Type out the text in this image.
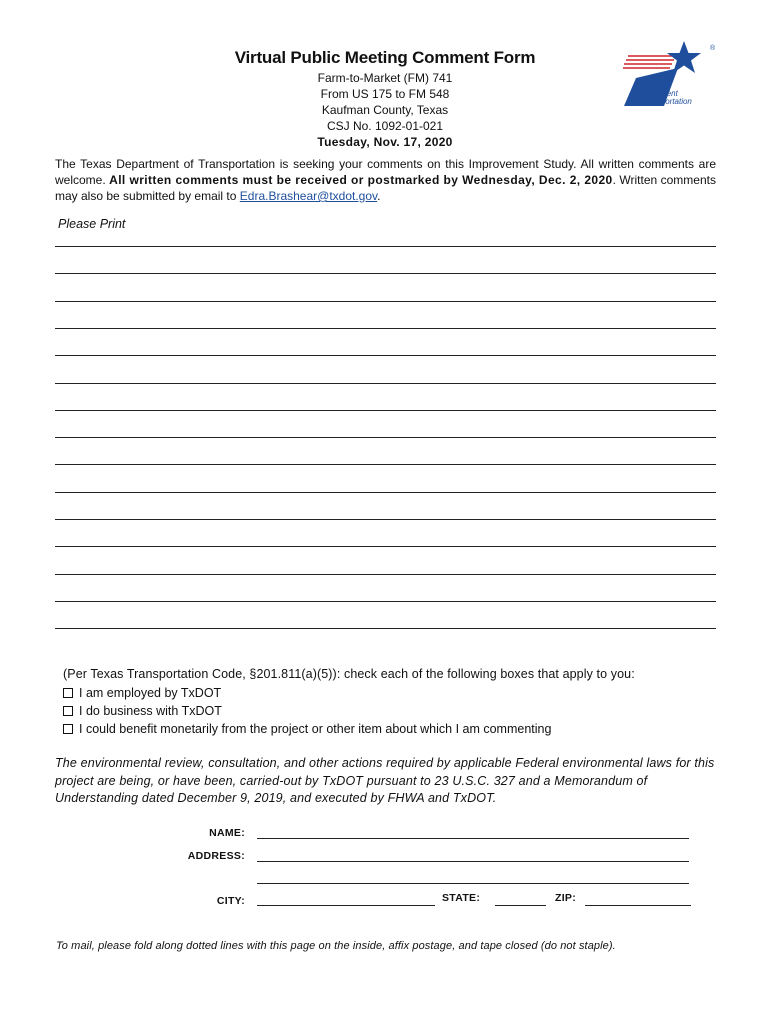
Virtual Public Meeting Comment Form
Farm-to-Market (FM) 741
From US 175 to FM 548
Kaufman County, Texas
CSJ No. 1092-01-021
Tuesday, Nov. 17, 2020
Texas
Department
of Transportation
®
The Texas Department of Transportation is seeking your comments on this Improvement Study. All written comments are welcome. All written comments must be received or postmarked by Wednesday, Dec. 2, 2020. Written comments may also be submitted by email to Edra.Brashear@txdot.gov.
Please Print
(Per Texas Transportation Code, §201.811(a)(5)): check each of the following boxes that apply to you:
I am employed by TxDOT
I do business with TxDOT
I could benefit monetarily from the project or other item about which I am commenting
The environmental review, consultation, and other actions required by applicable Federal environmental laws for this project are being, or have been, carried-out by TxDOT pursuant to 23 U.S.C. 327 and a Memorandum of Understanding dated December 9, 2019, and executed by FHWA and TxDOT.
NAME:
ADDRESS:
CITY:	STATE:	ZIP:
To mail, please fold along dotted lines with this page on the inside, affix postage, and tape closed (do not staple).
